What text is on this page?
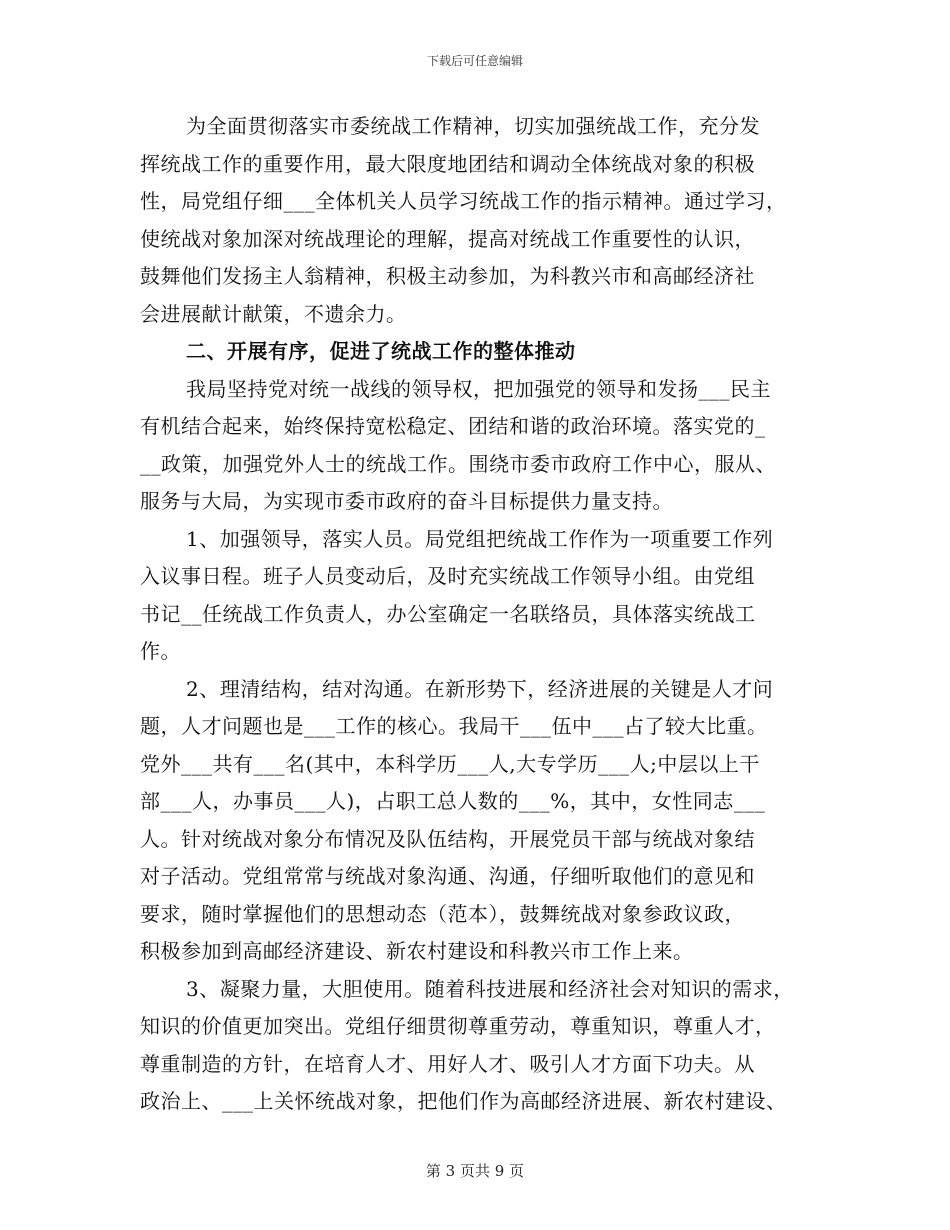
下载后可任意编辑
为全面贯彻落实市委统战工作精神，切实加强统战工作，充分发
挥统战工作的重要作用，最大限度地团结和调动全体统战对象的积极
性，局党组仔细___全体机关人员学习统战工作的指示精神。通过学习，
使统战对象加深对统战理论的理解，提高对统战工作重要性的认识，
鼓舞他们发扬主人翁精神，积极主动参加，为科教兴市和高邮经济社
会进展献计献策，不遗余力。
二、开展有序，促进了统战工作的整体推动
我局坚持党对统一战线的领导权，把加强党的领导和发扬___民主
有机结合起来，始终保持宽松稳定、团结和谐的政治环境。落实党的_
__政策，加强党外人士的统战工作。围绕市委市政府工作中心，服从、
服务与大局，为实现市委市政府的奋斗目标提供力量支持。
1、加强领导，落实人员。局党组把统战工作作为一项重要工作列
入议事日程。班子人员变动后，及时充实统战工作领导小组。由党组
书记__任统战工作负责人，办公室确定一名联络员，具体落实统战工
作。
2、理清结构，结对沟通。在新形势下，经济进展的关键是人才问
题，人才问题也是___工作的核心。我局干___伍中___占了较大比重。
党外___共有___名(其中，本科学历___人,大专学历___人;中层以上干
部___人，办事员___人)，占职工总人数的___%，其中，女性同志___
人。针对统战对象分布情况及队伍结构，开展党员干部与统战对象结
对子活动。党组常常与统战对象沟通、沟通，仔细听取他们的意见和
要求，随时掌握他们的思想动态（范本），鼓舞统战对象参政议政，
积极参加到高邮经济建设、新农村建设和科教兴市工作上来。
3、凝聚力量，大胆使用。随着科技进展和经济社会对知识的需求，
知识的价值更加突出。党组仔细贯彻尊重劳动，尊重知识，尊重人才，
尊重制造的方针，在培育人才、用好人才、吸引人才方面下功夫。从
政治上、___上关怀统战对象，把他们作为高邮经济进展、新农村建设、
第 3 页共 9 页
